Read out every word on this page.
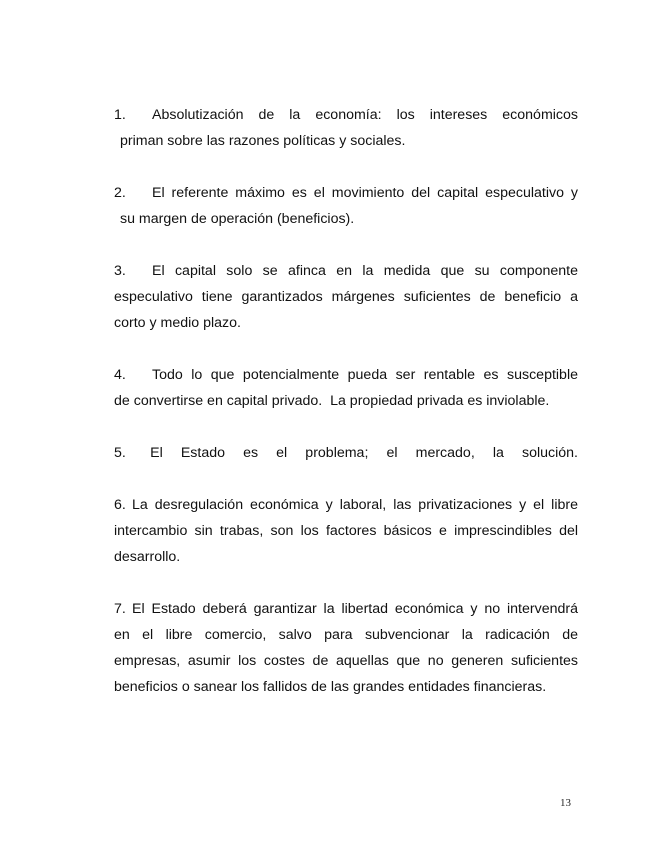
1. Absolutización de la economía: los intereses económicos
priman sobre las razones políticas y sociales.
2. El referente máximo es el movimiento del capital especulativo y
su margen de operación (beneficios).
3. El capital solo se afinca en la medida que su componente
especulativo tiene garantizados márgenes suficientes de beneficio a
corto y medio plazo.
4. Todo lo que potencialmente pueda ser rentable es susceptible
de convertirse en capital privado.  La propiedad privada es inviolable.
5. El Estado es el problema; el mercado, la solución.
6. La desregulación económica y laboral, las privatizaciones y el libre
intercambio sin trabas, son los factores básicos e imprescindibles del
desarrollo.
7. El Estado deberá garantizar la libertad económica y no intervendrá
en el libre comercio, salvo para subvencionar la radicación de
empresas, asumir los costes de aquellas que no generen suficientes
beneficios o sanear los fallidos de las grandes entidades financieras.
13
